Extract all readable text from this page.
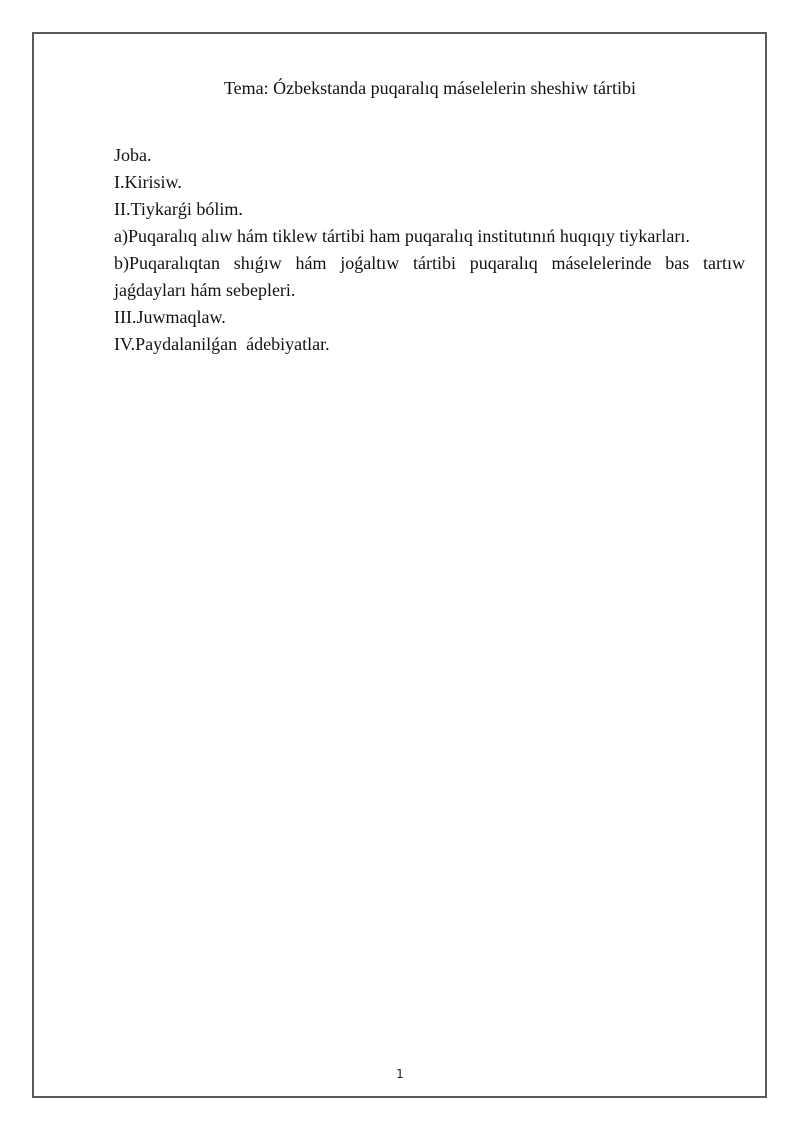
Tema: Ózbekstanda puqaralıq máselelerin sheshiw tártibi
Joba.
I.Kirisiw.
II.Tiykarǵi bólim.
a)Puqaralıq alıw hám tiklew tártibi ham puqaralıq institutınıń huqıqıy tiykarları.
b)Puqaralıqtan shıǵıw hám joǵaltıw tártibi puqaralıq máselelerinde bas tartıw
jaǵdayları hám sebepleri.
III.Juwmaqlaw.
IV.Paydalanilǵan  ádebiyatlar.
1
